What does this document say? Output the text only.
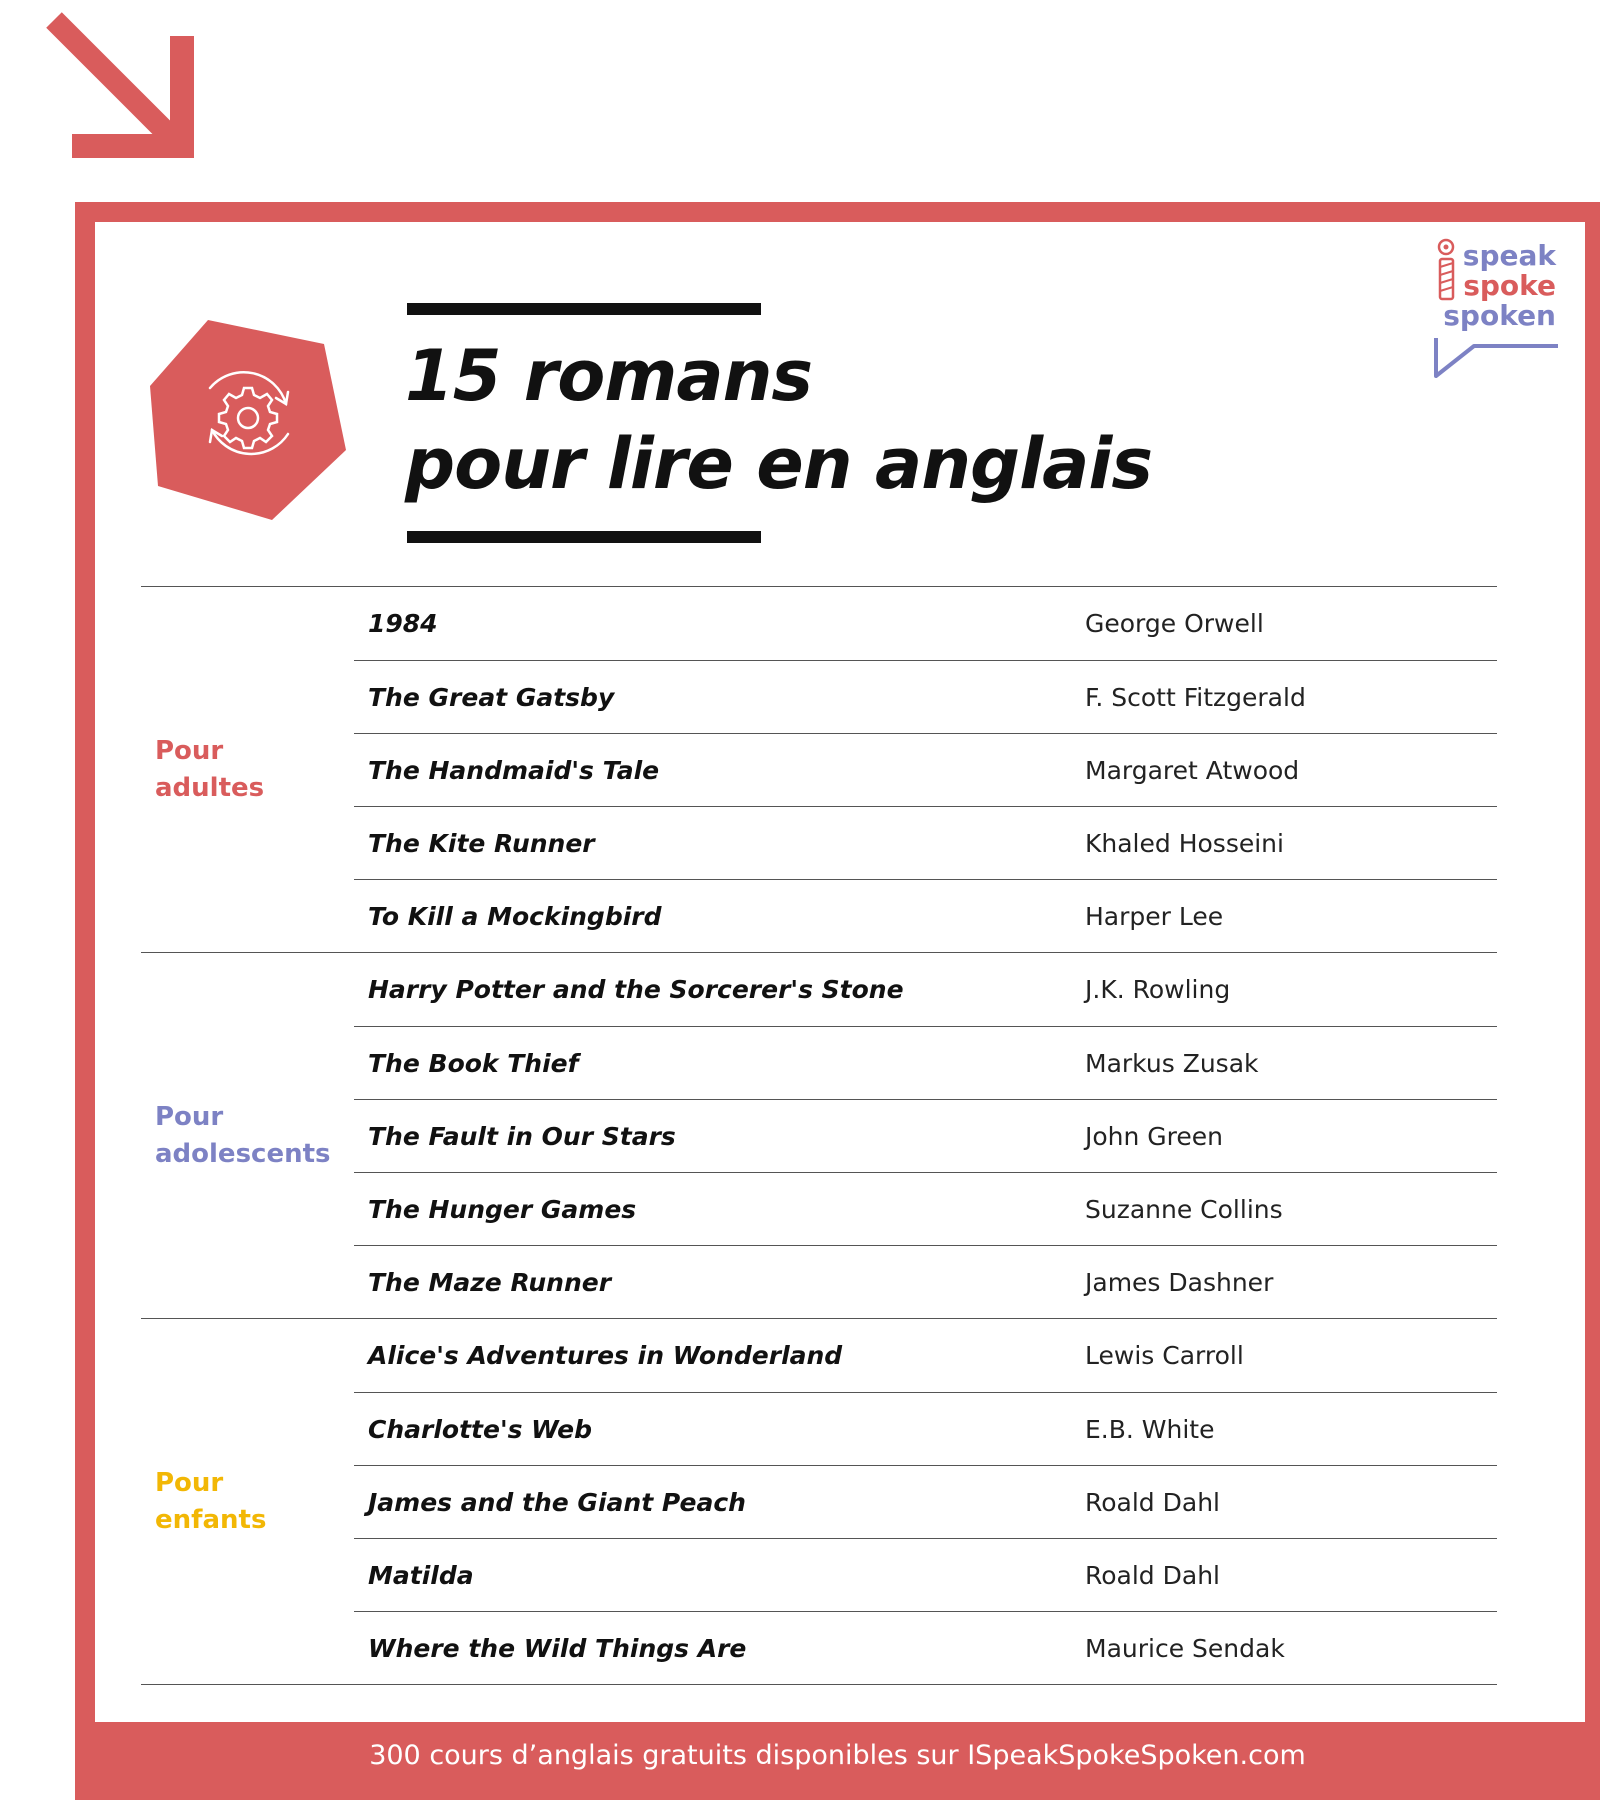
15 romans
pour lire en anglais
speak
spoke
spoken
Pour
adultes
1984	George Orwell
The Great Gatsby	F. Scott Fitzgerald
The Handmaid's Tale	Margaret Atwood
The Kite Runner	Khaled Hosseini
To Kill a Mockingbird	Harper Lee
Pour
adolescents
Harry Potter and the Sorcerer's Stone	J.K. Rowling
The Book Thief	Markus Zusak
The Fault in Our Stars	John Green
The Hunger Games	Suzanne Collins
The Maze Runner	James Dashner
Pour
enfants
Alice's Adventures in Wonderland	Lewis Carroll
Charlotte's Web	E.B. White
James and the Giant Peach	Roald Dahl
Matilda	Roald Dahl
Where the Wild Things Are	Maurice Sendak
300 cours d’anglais gratuits disponibles sur ISpeakSpokeSpoken.com
